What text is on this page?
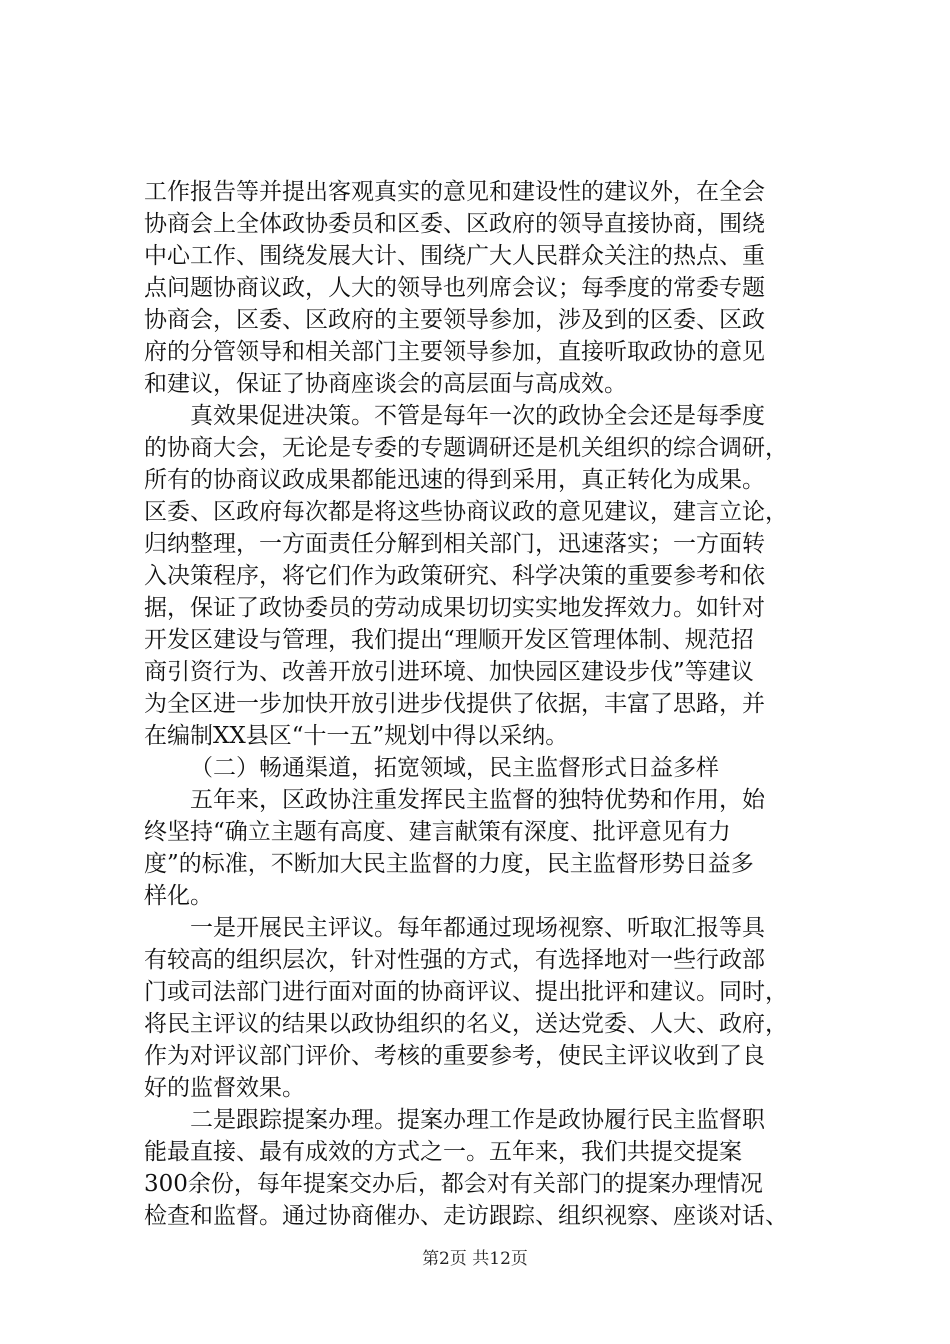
工作报告等并提出客观真实的意见和建设性的建议外，在全会
协商会上全体政协委员和区委、区政府的领导直接协商，围绕
中心工作、围绕发展大计、围绕广大人民群众关注的热点、重
点问题协商议政，人大的领导也列席会议；每季度的常委专题
协商会，区委、区政府的主要领导参加，涉及到的区委、区政
府的分管领导和相关部门主要领导参加，直接听取政协的意见
和建议，保证了协商座谈会的高层面与高成效。
真效果促进决策。不管是每年一次的政协全会还是每季度
的协商大会，无论是专委的专题调研还是机关组织的综合调研，
所有的协商议政成果都能迅速的得到采用，真正转化为成果。
区委、区政府每次都是将这些协商议政的意见建议，建言立论，
归纳整理，一方面责任分解到相关部门，迅速落实；一方面转
入决策程序，将它们作为政策研究、科学决策的重要参考和依
据，保证了政协委员的劳动成果切切实实地发挥效力。如针对
开发区建设与管理，我们提出“理顺开发区管理体制、规范招
商引资行为、改善开放引进环境、加快园区建设步伐”等建议
为全区进一步加快开放引进步伐提供了依据，丰富了思路，并
在编制XX县区“十一五”规划中得以采纳。
（二）畅通渠道，拓宽领域，民主监督形式日益多样
五年来，区政协注重发挥民主监督的独特优势和作用，始
终坚持“确立主题有高度、建言献策有深度、批评意见有力
度”的标准，不断加大民主监督的力度，民主监督形势日益多
样化。
一是开展民主评议。每年都通过现场视察、听取汇报等具
有较高的组织层次，针对性强的方式，有选择地对一些行政部
门或司法部门进行面对面的协商评议、提出批评和建议。同时，
将民主评议的结果以政协组织的名义，送达党委、人大、政府，
作为对评议部门评价、考核的重要参考，使民主评议收到了良
好的监督效果。
二是跟踪提案办理。提案办理工作是政协履行民主监督职
能最直接、最有成效的方式之一。五年来，我们共提交提案
300余份，每年提案交办后，都会对有关部门的提案办理情况
检查和监督。通过协商催办、走访跟踪、组织视察、座谈对话、
第2页 共12页
